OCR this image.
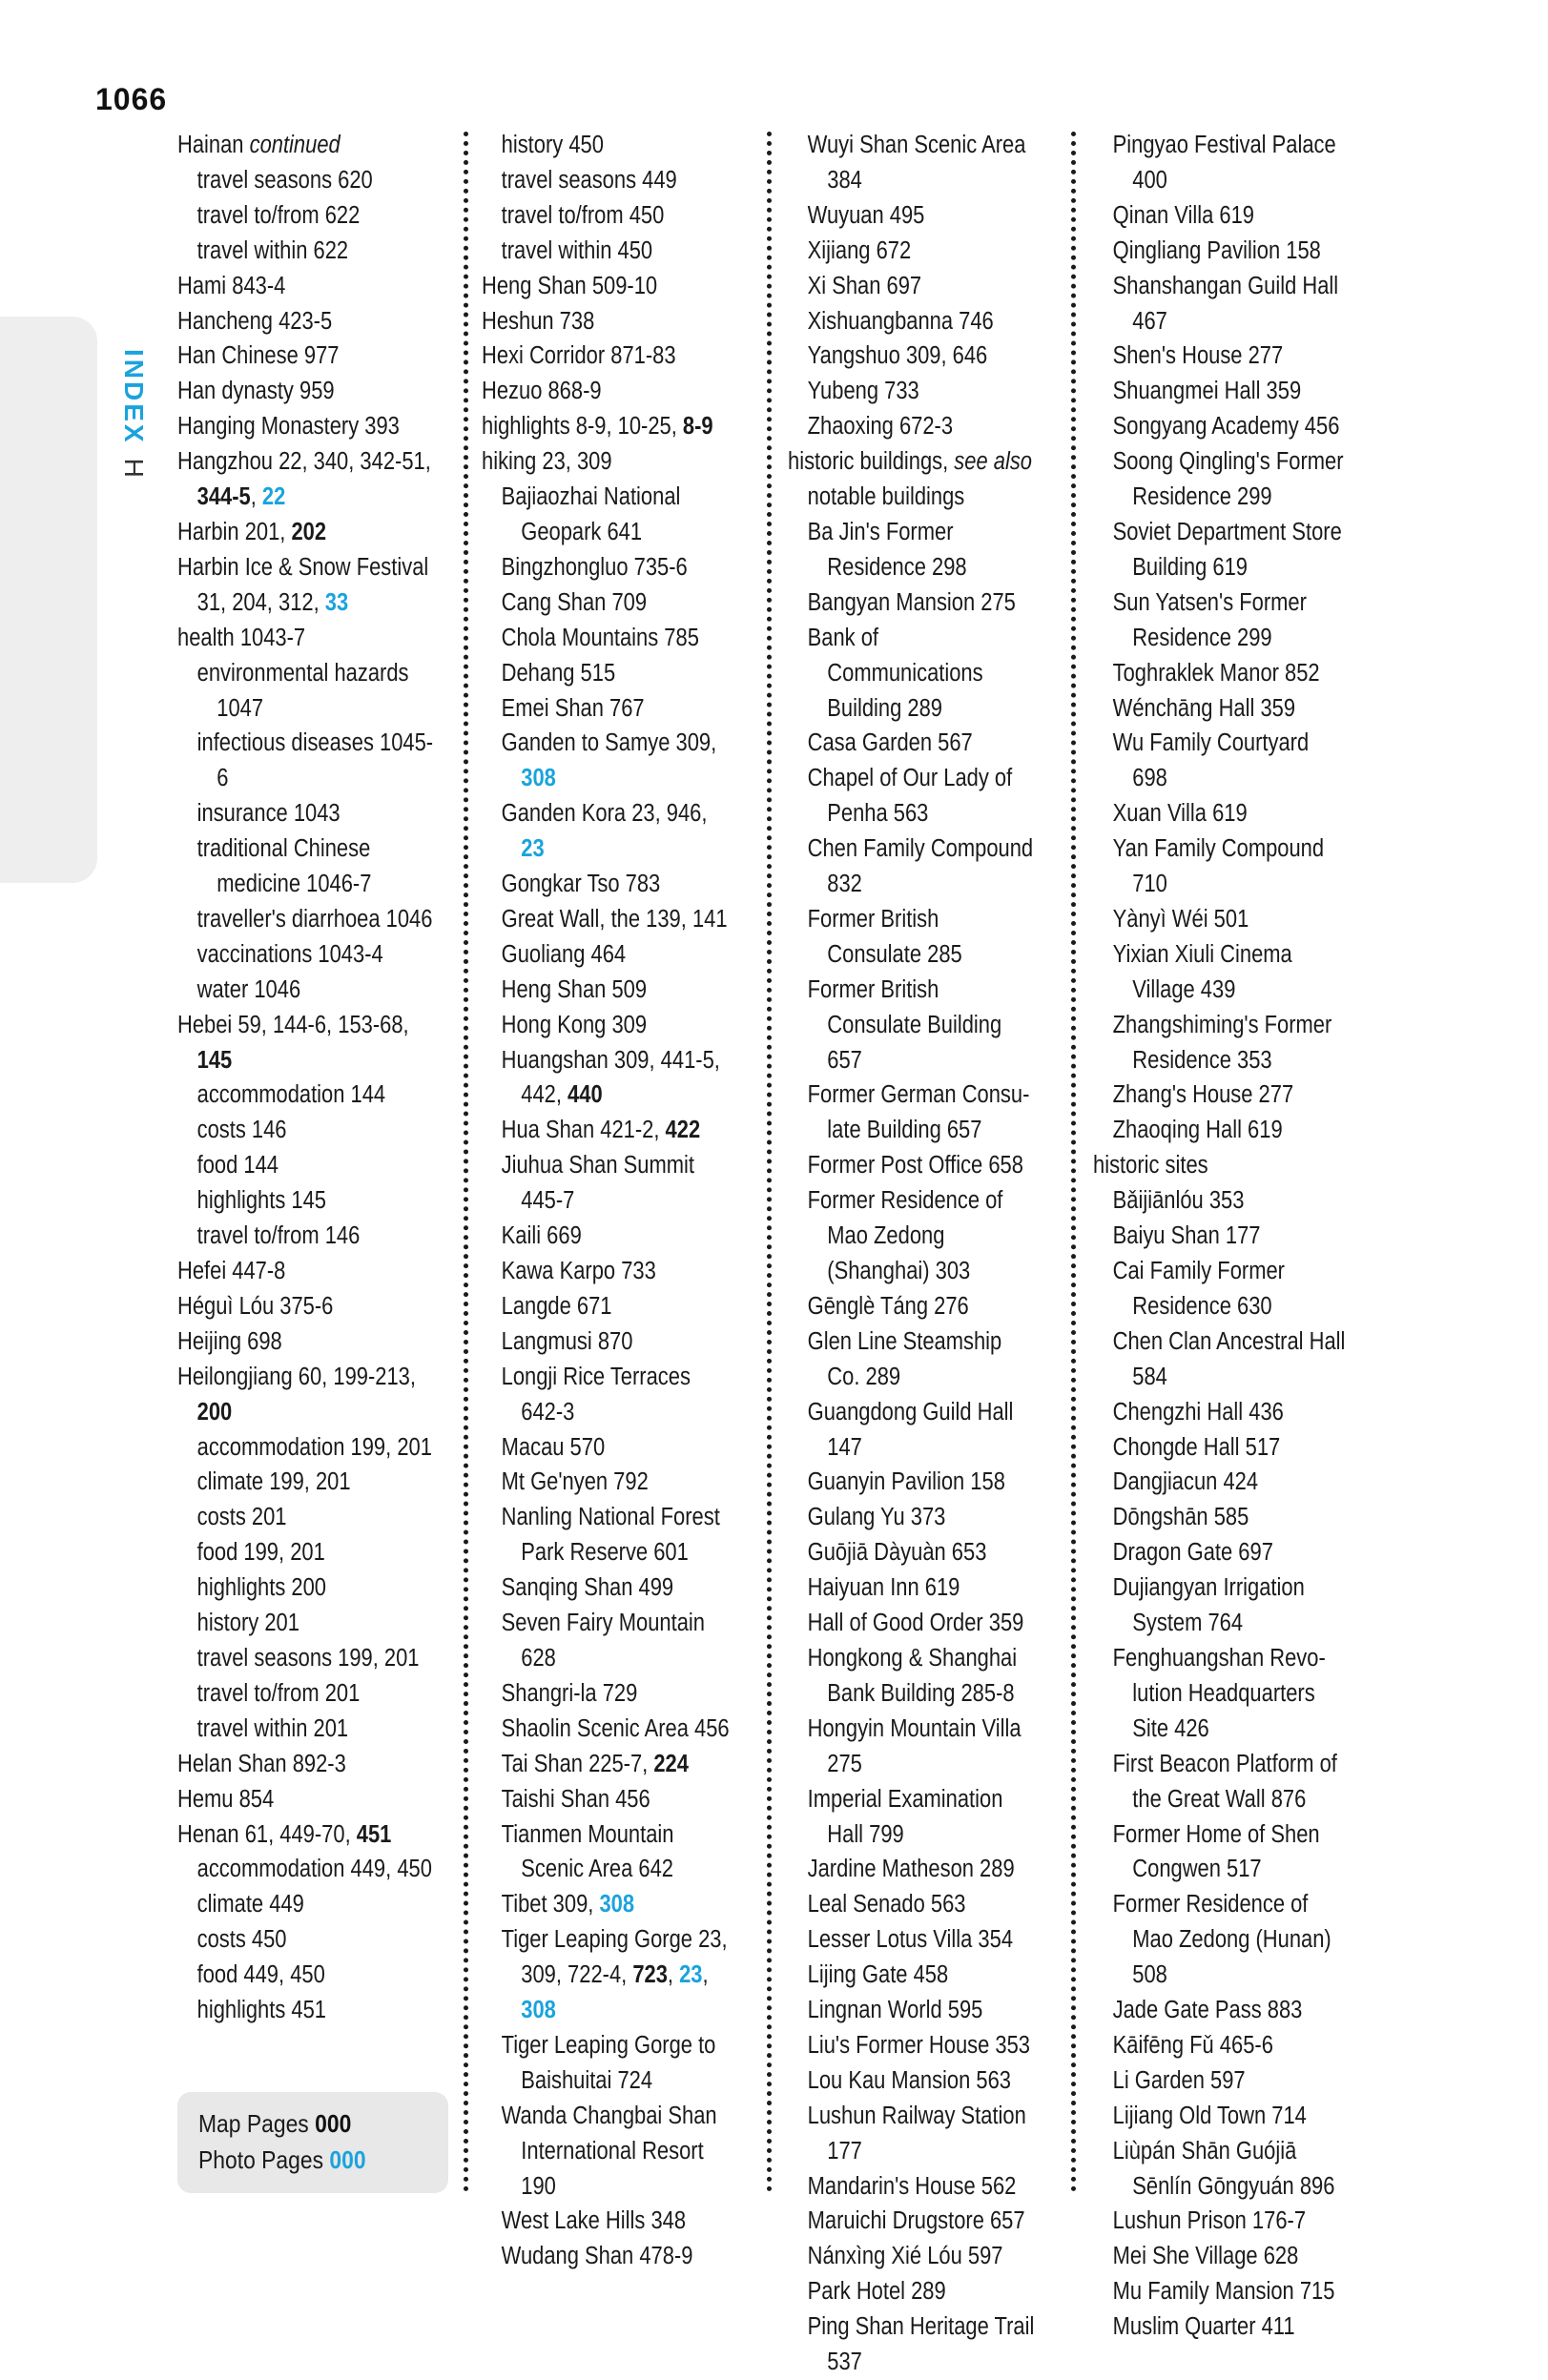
1066
INDEXH
Hainan continued
travel seasons 620
travel to/from 622
travel within 622
Hami 843-4
Hancheng 423-5
Han Chinese 977
Han dynasty 959
Hanging Monastery 393
Hangzhou 22, 340, 342-51, 344-5, 22
Harbin 201, 202
Harbin Ice & Snow Festival 31, 204, 312, 33
health 1043-7
environmental hazards 1047
infectious diseases 1045-6
insurance 1043
traditional Chinese medicine 1046-7
traveller's diarrhoea 1046
vaccinations 1043-4
water 1046
Hebei 59, 144-6, 153-68, 145
accommodation 144
costs 146
food 144
highlights 145
travel to/from 146
Hefei 447-8
Héguì Lóu 375-6
Heijing 698
Heilongjiang 60, 199-213, 200
accommodation 199, 201
climate 199, 201
costs 201
food 199, 201
highlights 200
history 201
travel seasons 199, 201
travel to/from 201
travel within 201
Helan Shan 892-3
Hemu 854
Henan 61, 449-70, 451
accommodation 449, 450
climate 449
costs 450
food 449, 450
highlights 451
history 450
travel seasons 449
travel to/from 450
travel within 450
Heng Shan 509-10
Heshun 738
Hexi Corridor 871-83
Hezuo 868-9
highlights 8-9, 10-25, 8-9
hiking 23, 309
Bajiaozhai National Geopark 641
Bingzhongluo 735-6
Cang Shan 709
Chola Mountains 785
Dehang 515
Emei Shan 767
Ganden to Samye 309, 308
Ganden Kora 23, 946, 23
Gongkar Tso 783
Great Wall, the 139, 141
Guoliang 464
Heng Shan 509
Hong Kong 309
Huangshan 309, 441-5, 442, 440
Hua Shan 421-2, 422
Jiuhua Shan Summit 445-7
Kaili 669
Kawa Karpo 733
Langde 671
Langmusi 870
Longji Rice Terraces 642-3
Macau 570
Mt Ge'nyen 792
Nanling National Forest Park Reserve 601
Sanqing Shan 499
Seven Fairy Mountain 628
Shangri-la 729
Shaolin Scenic Area 456
Tai Shan 225-7, 224
Taishi Shan 456
Tianmen Mountain Scenic Area 642
Tibet 309, 308
Tiger Leaping Gorge 23, 309, 722-4, 723, 23, 308
Tiger Leaping Gorge to Baishuitai 724
Wanda Changbai Shan International Resort 190
West Lake Hills 348
Wudang Shan 478-9
Wuyi Shan Scenic Area 384
Wuyuan 495
Xijiang 672
Xi Shan 697
Xishuangbanna 746
Yangshuo 309, 646
Yubeng 733
Zhaoxing 672-3
historic buildings, see also notable buildings
Ba Jin's Former Residence 298
Bangyan Mansion 275
Bank of Communications Building 289
Casa Garden 567
Chapel of Our Lady of Penha 563
Chen Family Compound 832
Former British Consulate 285
Former British Consulate Building 657
Former German Consu-late Building 657
Former Post Office 658
Former Residence of Mao Zedong (Shanghai) 303
Gēnglè Táng 276
Glen Line Steamship Co. 289
Guangdong Guild Hall 147
Guanyin Pavilion 158
Gulang Yu 373
Guōjiā Dàyuàn 653
Haiyuan Inn 619
Hall of Good Order 359
Hongkong & Shanghai Bank Building 285-8
Hongyin Mountain Villa 275
Imperial Examination Hall 799
Jardine Matheson 289
Leal Senado 563
Lesser Lotus Villa 354
Lijing Gate 458
Lingnan World 595
Liu's Former House 353
Lou Kau Mansion 563
Lushun Railway Station 177
Mandarin's House 562
Maruichi Drugstore 657
Nánxìng Xié Lóu 597
Park Hotel 289
Ping Shan Heritage Trail 537
Pingyao Festival Palace 400
Qinan Villa 619
Qingliang Pavilion 158
Shanshangan Guild Hall 467
Shen's House 277
Shuangmei Hall 359
Songyang Academy 456
Soong Qingling's Former Residence 299
Soviet Department Store Building 619
Sun Yatsen's Former Residence 299
Toghraklek Manor 852
Wénchāng Hall 359
Wu Family Courtyard 698
Xuan Villa 619
Yan Family Compound 710
Yànyì Wéi 501
Yixian Xiuli Cinema Village 439
Zhangshiming's Former Residence 353
Zhang's House 277
Zhaoqing Hall 619
historic sites
Bǎijiānlóu 353
Baiyu Shan 177
Cai Family Former Residence 630
Chen Clan Ancestral Hall 584
Chengzhi Hall 436
Chongde Hall 517
Dangjiacun 424
Dōngshān 585
Dragon Gate 697
Dujiangyan Irrigation System 764
Fenghuangshan Revo-lution Headquarters Site 426
First Beacon Platform of the Great Wall 876
Former Home of Shen Congwen 517
Former Residence of Mao Zedong (Hunan) 508
Jade Gate Pass 883
Kāifēng Fǔ 465-6
Li Garden 597
Lijiang Old Town 714
Liùpán Shān Guójiā Sēnlín Gōngyuán 896
Lushun Prison 176-7
Mei She Village 628
Mu Family Mansion 715
Muslim Quarter 411
Map Pages 000
Photo Pages 000
